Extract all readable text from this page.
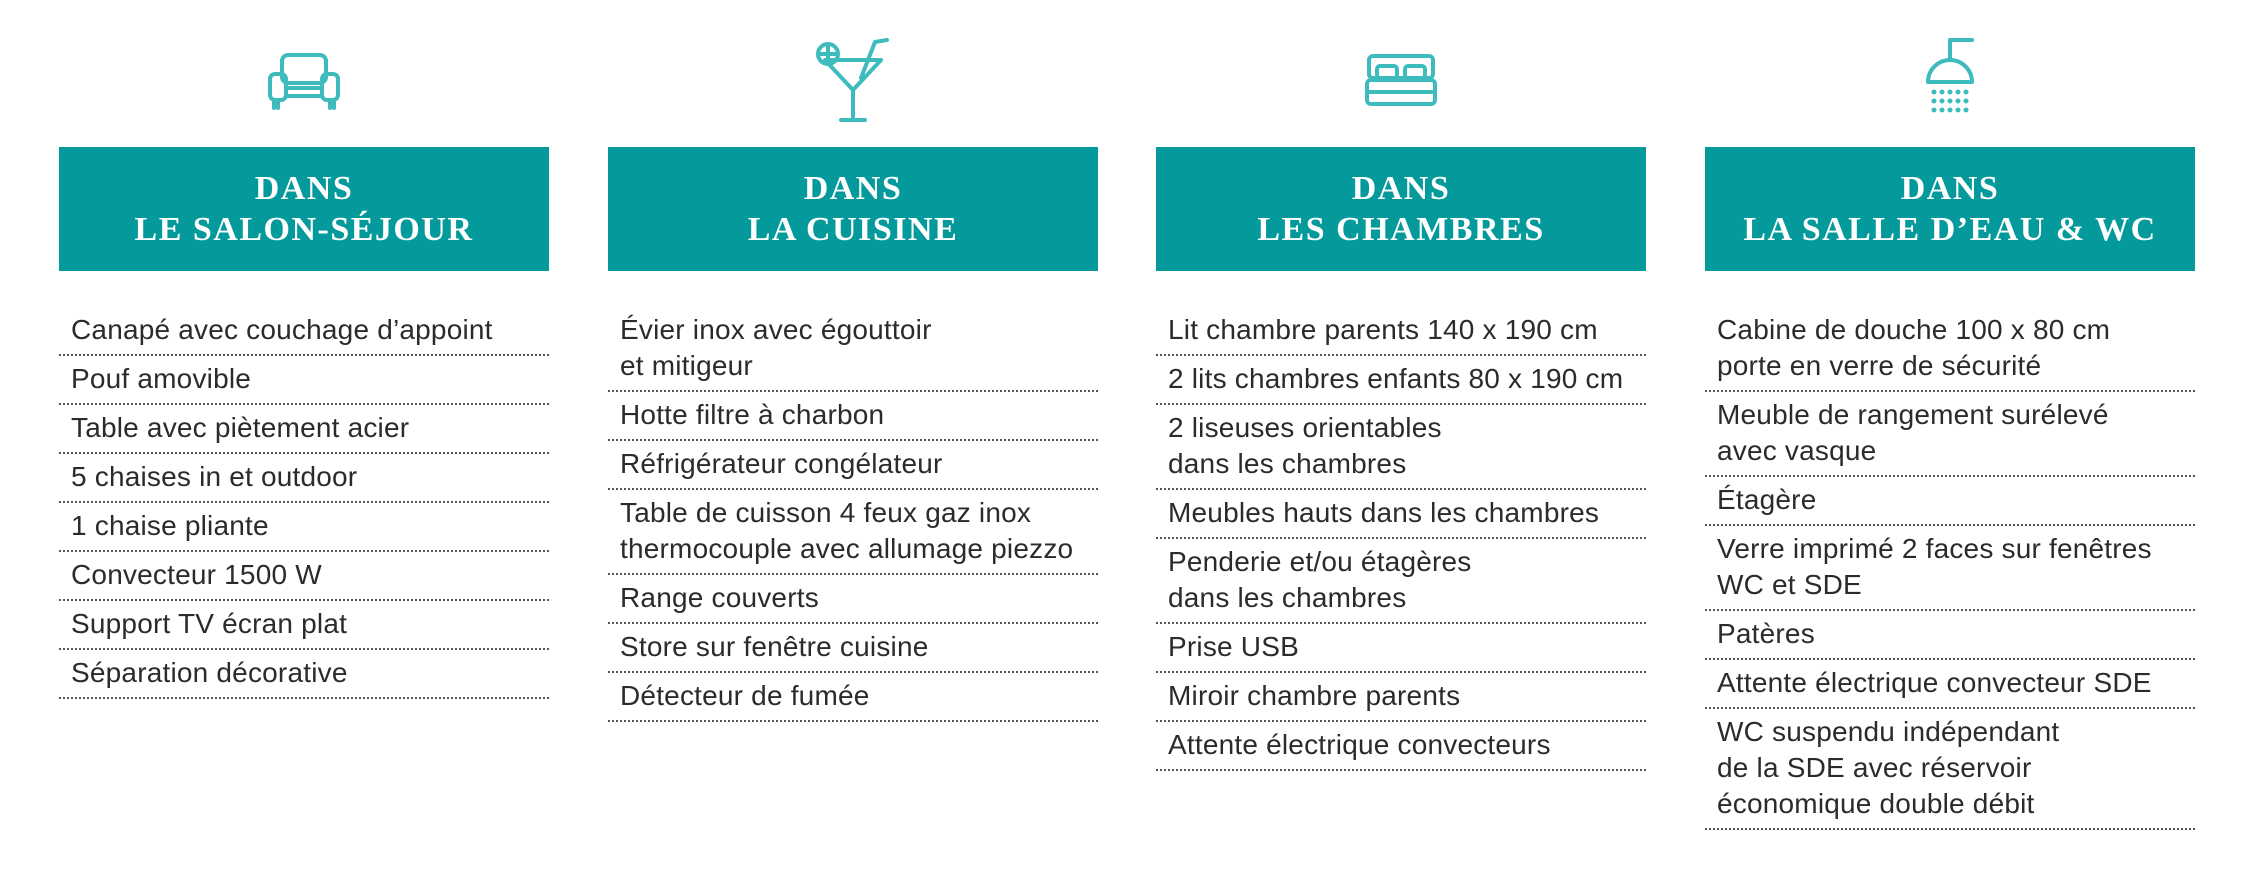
DANS
LE SALON-SÉJOUR
Canapé avec couchage d’appoint
Pouf amovible
Table avec piètement acier
5 chaises in et outdoor
1 chaise pliante
Convecteur 1500 W
Support TV écran plat
Séparation décorative
DANS
LA CUISINE
Évier inox avec égouttoir
et mitigeur
Hotte filtre à charbon
Réfrigérateur congélateur
Table de cuisson 4 feux gaz inox
thermocouple avec allumage piezzo
Range couverts
Store sur fenêtre cuisine
Détecteur de fumée
DANS
LES CHAMBRES
Lit chambre parents 140 x 190 cm
2 lits chambres enfants 80 x 190 cm
2 liseuses orientables
dans les chambres
Meubles hauts dans les chambres
Penderie et/ou étagères
dans les chambres
Prise USB
Miroir chambre parents
Attente électrique convecteurs
DANS
LA SALLE D’EAU & WC
Cabine de douche 100 x 80 cm
porte en verre de sécurité
Meuble de rangement surélevé
avec vasque
Étagère
Verre imprimé 2 faces sur fenêtres
WC et SDE
Patères
Attente électrique convecteur SDE
WC suspendu indépendant
de la SDE avec réservoir
économique double débit
